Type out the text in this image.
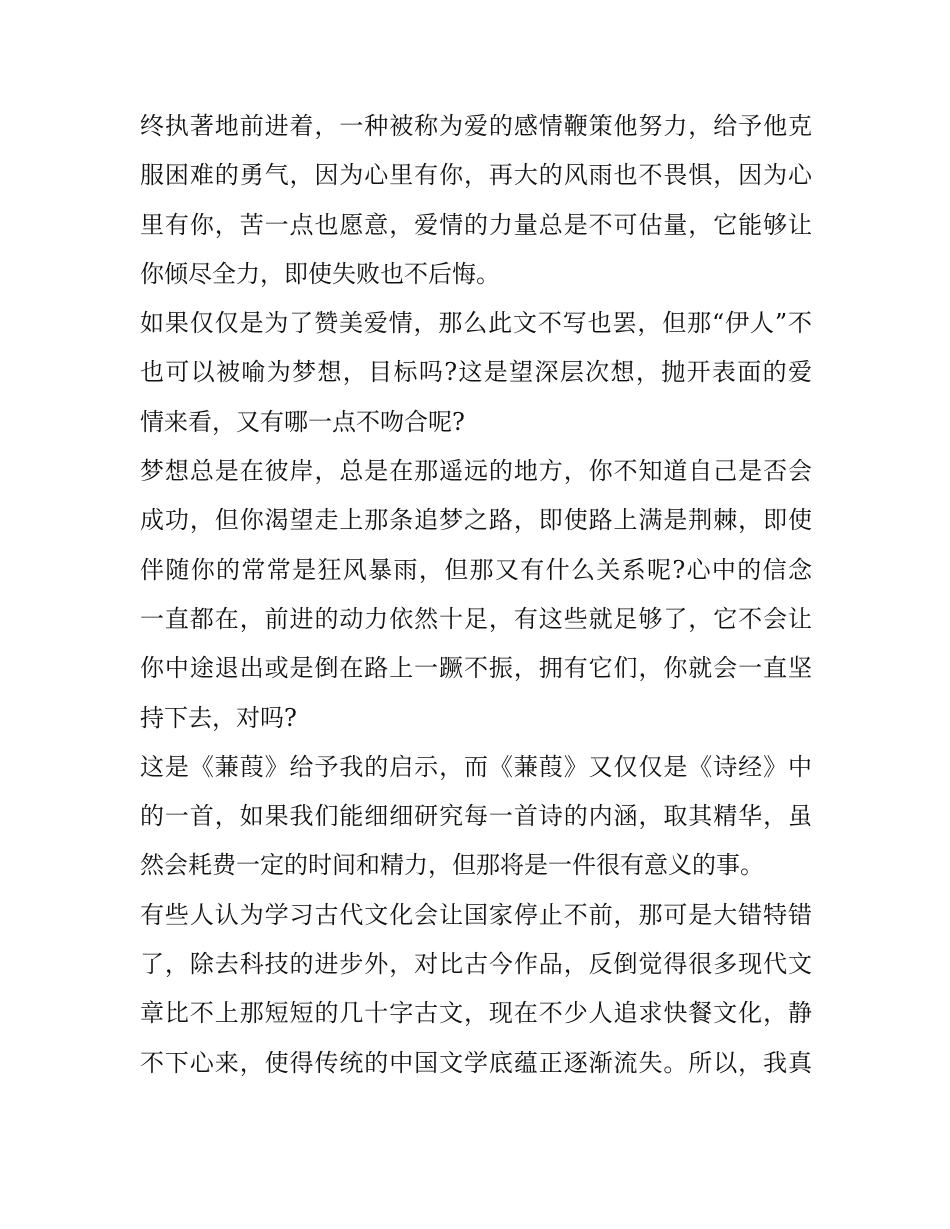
终执著地前进着，一种被称为爱的感情鞭策他努力，给予他克
服困难的勇气，因为心里有你，再大的风雨也不畏惧，因为心
里有你，苦一点也愿意，爱情的力量总是不可估量，它能够让
你倾尽全力，即使失败也不后悔。
如果仅仅是为了赞美爱情，那么此文不写也罢，但那“伊人”不
也可以被喻为梦想，目标吗?这是望深层次想，抛开表面的爱
情来看，又有哪一点不吻合呢?
梦想总是在彼岸，总是在那遥远的地方，你不知道自己是否会
成功，但你渴望走上那条追梦之路，即使路上满是荆棘，即使
伴随你的常常是狂风暴雨，但那又有什么关系呢?心中的信念
一直都在，前进的动力依然十足，有这些就足够了，它不会让
你中途退出或是倒在路上一蹶不振，拥有它们，你就会一直坚
持下去，对吗?
这是《蒹葭》给予我的启示，而《蒹葭》又仅仅是《诗经》中
的一首，如果我们能细细研究每一首诗的内涵，取其精华，虽
然会耗费一定的时间和精力，但那将是一件很有意义的事。
有些人认为学习古代文化会让国家停止不前，那可是大错特错
了，除去科技的进步外，对比古今作品，反倒觉得很多现代文
章比不上那短短的几十字古文，现在不少人追求快餐文化，静
不下心来，使得传统的中国文学底蕴正逐渐流失。所以，我真
